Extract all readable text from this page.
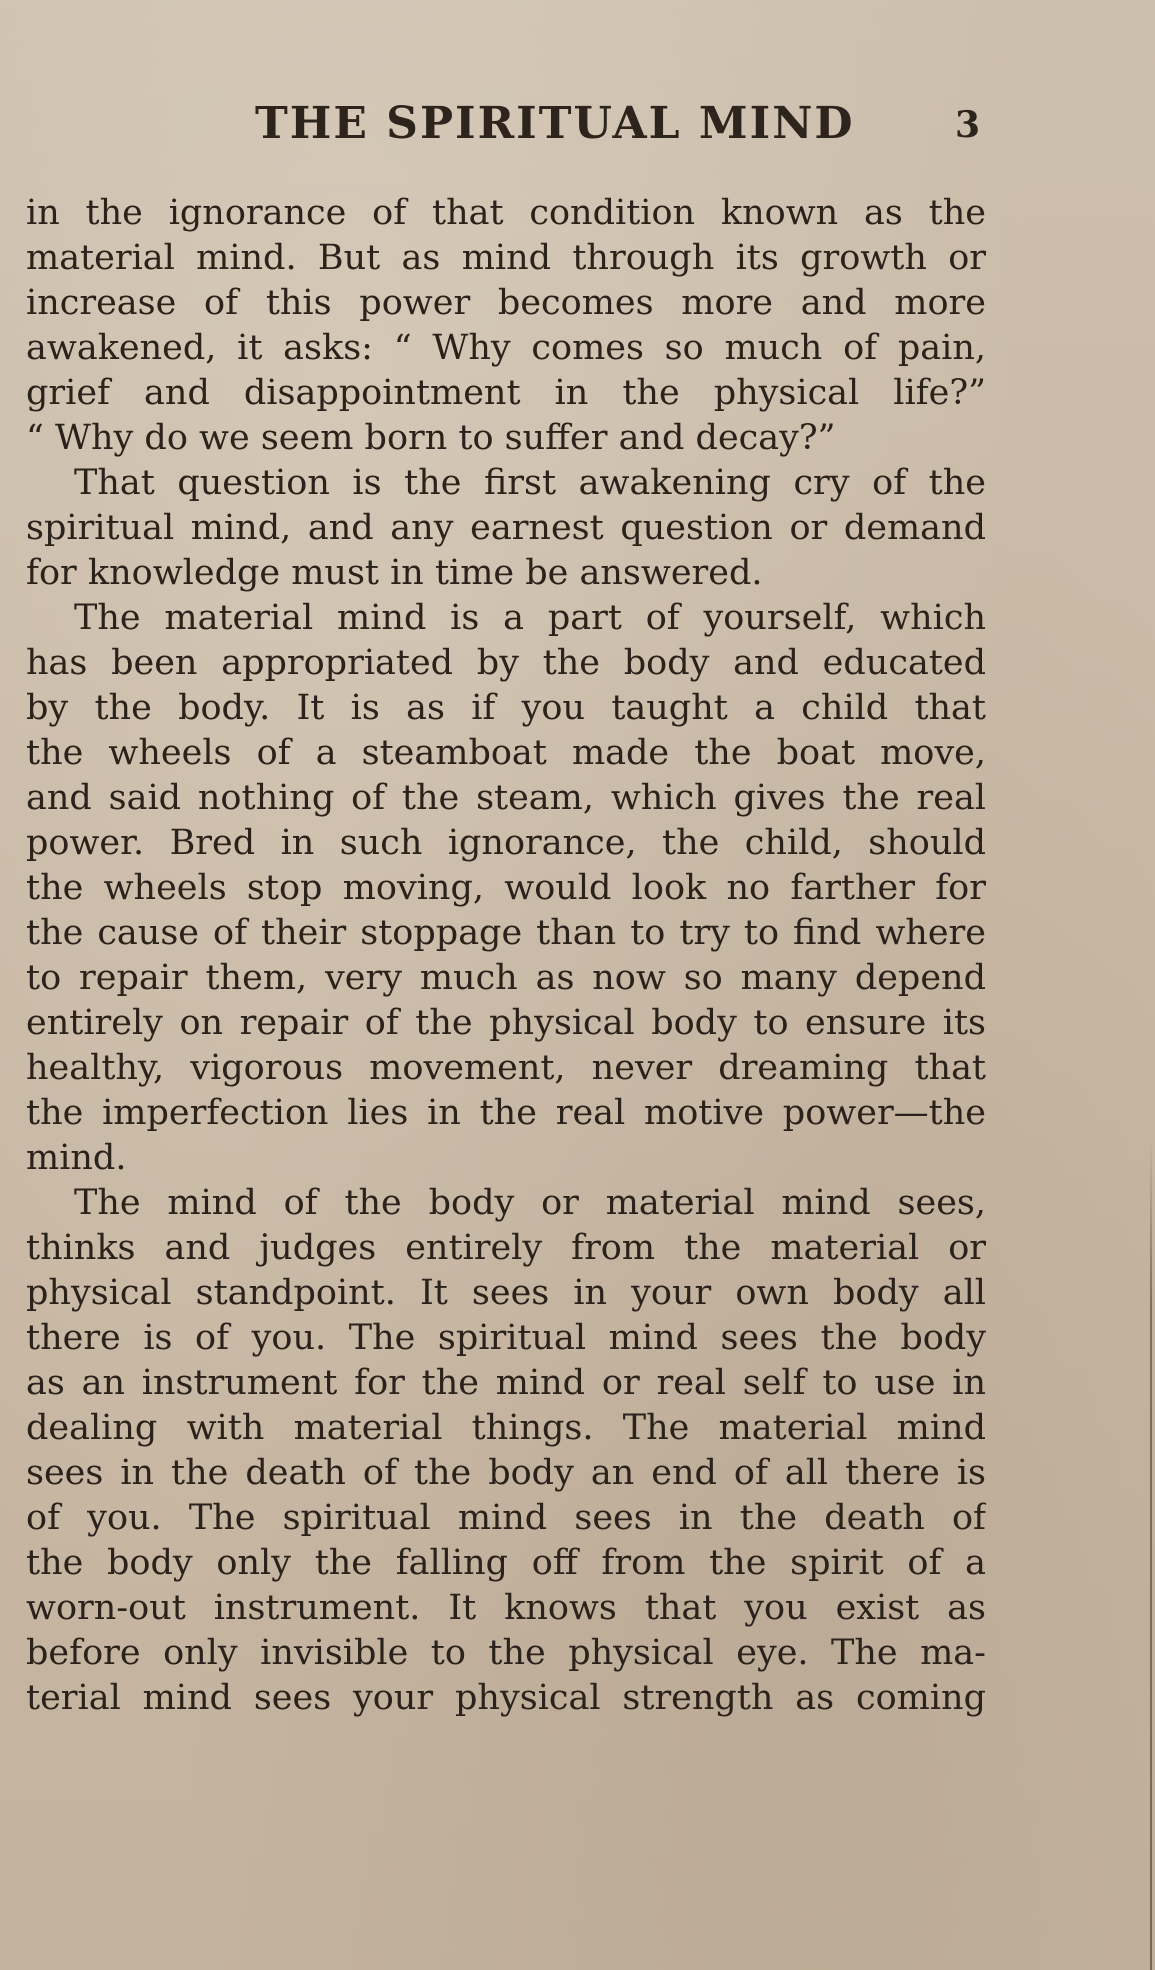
THE SPIRITUAL MIND	3
in the ignorance of that condition known as the
material mind. But as mind through its growth or
increase of this power becomes more and more
awakened, it asks: “ Why comes so much of pain,
grief and disappointment in the physical life?”
“ Why do we seem born to suffer and decay?”
That question is the first awakening cry of the
spiritual mind, and any earnest question or demand
for knowledge must in time be answered.
The material mind is a part of yourself, which
has been appropriated by the body and educated
by the body. It is as if you taught a child that
the wheels of a steamboat made the boat move,
and said nothing of the steam, which gives the real
power. Bred in such ignorance, the child, should
the wheels stop moving, would look no farther for
the cause of their stoppage than to try to find where
to repair them, very much as now so many depend
entirely on repair of the physical body to ensure its
healthy, vigorous movement, never dreaming that
the imperfection lies in the real motive power—the
mind.
The mind of the body or material mind sees,
thinks and judges entirely from the material or
physical standpoint. It sees in your own body all
there is of you. The spiritual mind sees the body
as an instrument for the mind or real self to use in
dealing with material things. The material mind
sees in the death of the body an end of all there is
of you. The spiritual mind sees in the death of
the body only the falling off from the spirit of a
worn-out instrument. It knows that you exist as
before only invisible to the physical eye. The ma-
terial mind sees your physical strength as coming
